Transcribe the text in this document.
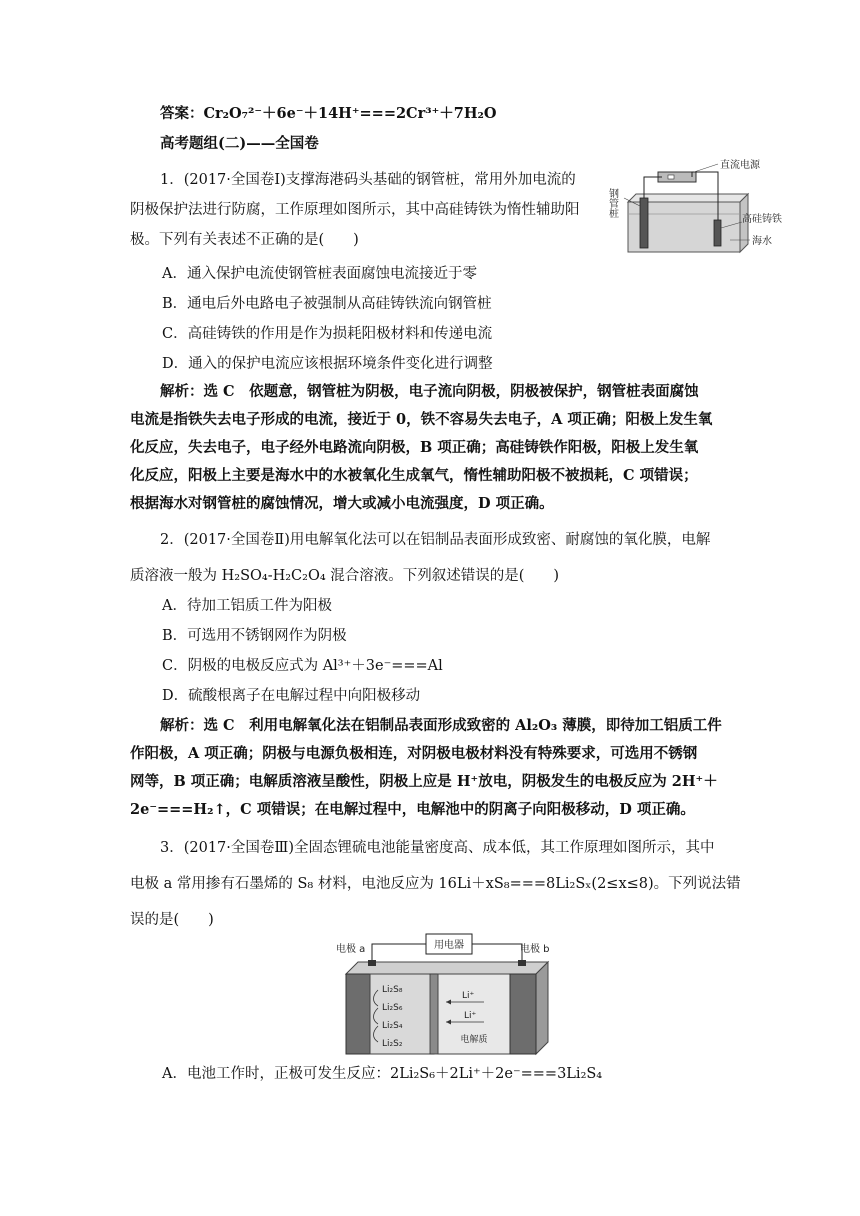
答案：Cr₂O₇²⁻＋6e⁻＋14H⁺===2Cr³⁺＋7H₂O
高考题组(二)——全国卷
1．(2017·全国卷Ⅰ)支撑海港码头基础的钢管桩，常用外加电流的
阴极保护法进行防腐，工作原理如图所示，其中高硅铸铁为惰性辅助阳
极。下列有关表述不正确的是(　　)
直流电源
高硅铸铁
海水
钢管桩
A．通入保护电流使钢管桩表面腐蚀电流接近于零
B．通电后外电路电子被强制从高硅铸铁流向钢管桩
C．高硅铸铁的作用是作为损耗阳极材料和传递电流
D．通入的保护电流应该根据环境条件变化进行调整
解析：选 C　依题意，钢管桩为阴极，电子流向阴极，阴极被保护，钢管桩表面腐蚀
电流是指铁失去电子形成的电流，接近于 0，铁不容易失去电子，A 项正确；阳极上发生氧
化反应，失去电子，电子经外电路流向阴极，B 项正确；高硅铸铁作阳极，阳极上发生氧
化反应，阳极上主要是海水中的水被氧化生成氧气，惰性辅助阳极不被损耗，C 项错误；
根据海水对钢管桩的腐蚀情况，增大或减小电流强度，D 项正确。
2．(2017·全国卷Ⅱ)用电解氧化法可以在铝制品表面形成致密、耐腐蚀的氧化膜，电解
质溶液一般为 H₂SO₄-H₂C₂O₄ 混合溶液。下列叙述错误的是(　　)
A．待加工铝质工件为阳极
B．可选用不锈钢网作为阴极
C．阴极的电极反应式为 Al³⁺＋3e⁻===Al
D．硫酸根离子在电解过程中向阳极移动
解析：选 C　利用电解氧化法在铝制品表面形成致密的 Al₂O₃ 薄膜，即待加工铝质工件
作阳极，A 项正确；阴极与电源负极相连，对阴极电极材料没有特殊要求，可选用不锈钢
网等，B 项正确；电解质溶液呈酸性，阴极上应是 H⁺放电，阴极发生的电极反应为 2H⁺＋
2e⁻===H₂↑，C 项错误；在电解过程中，电解池中的阴离子向阳极移动，D 项正确。
3．(2017·全国卷Ⅲ)全固态锂硫电池能量密度高、成本低，其工作原理如图所示，其中
电极 a 常用掺有石墨烯的 S₈ 材料，电池反应为 16Li＋xS₈===8Li₂Sₓ(2≤x≤8)。下列说法错
误的是(　　)
用电器
电极 a	电极 b
Li₂S₈
Li₂S₆
Li₂S₄
Li₂S₂
Li⁺
Li⁺
电解质
A．电池工作时，正极可发生反应：2Li₂S₆＋2Li⁺＋2e⁻===3Li₂S₄
